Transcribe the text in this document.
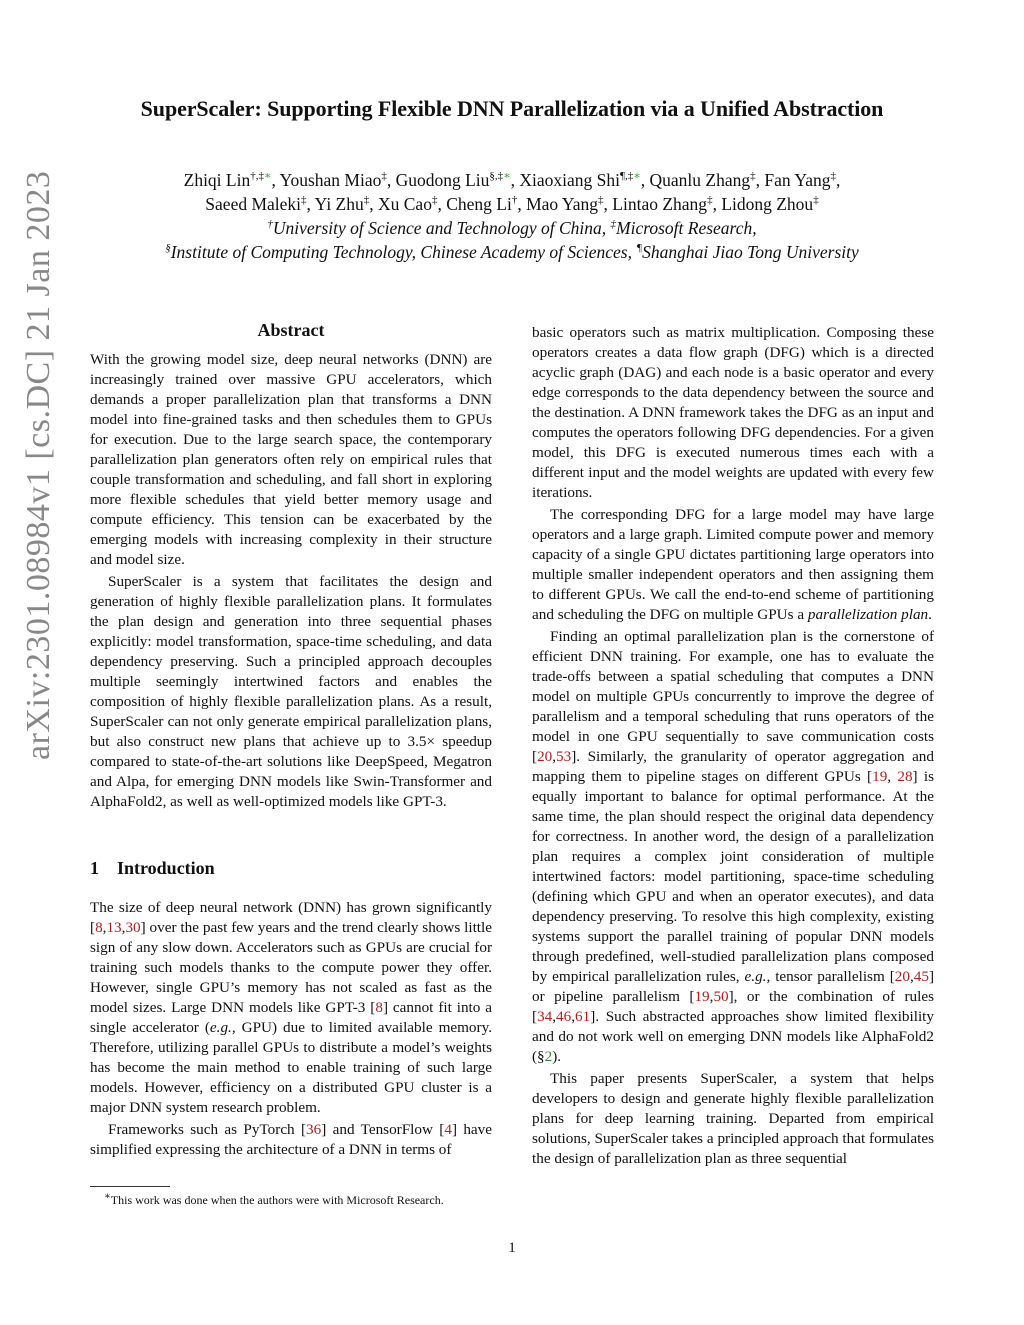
SuperScaler: Supporting Flexible DNN Parallelization via a Unified Abstraction
Zhiqi Lin†,‡∗, Youshan Miao‡, Guodong Liu§,‡∗, Xiaoxiang Shi¶,‡∗, Quanlu Zhang‡, Fan Yang‡,
Saeed Maleki‡, Yi Zhu‡, Xu Cao‡, Cheng Li†, Mao Yang‡, Lintao Zhang‡, Lidong Zhou‡
†University of Science and Technology of China, ‡Microsoft Research,
§Institute of Computing Technology, Chinese Academy of Sciences, ¶Shanghai Jiao Tong University
arXiv:2301.08984v1 [cs.DC] 21 Jan 2023	Abstract

With the growing model size, deep neural networks (DNN) are increasingly trained over massive GPU accelerators, which demands a proper parallelization plan that transforms a DNN model into fine-grained tasks and then schedules them to GPUs for execution. Due to the large search space, the contemporary parallelization plan generators often rely on empirical rules that couple transformation and scheduling, and fall short in exploring more flexible schedules that yield better memory usage and compute efficiency. This tension can be exacerbated by the emerging models with increasing complexity in their structure and model size.

SuperScaler is a system that facilitates the design and generation of highly flexible parallelization plans. It formulates the plan design and generation into three sequential phases explicitly: model transformation, space-time scheduling, and data dependency preserving. Such a principled approach decouples multiple seemingly intertwined factors and enables the composition of highly flexible parallelization plans. As a result, SuperScaler can not only generate empirical parallelization plans, but also construct new plans that achieve up to 3.5× speedup compared to state-of-the-art solutions like DeepSpeed, Megatron and Alpa, for emerging DNN models like Swin-Transformer and AlphaFold2, as well as well-optimized models like GPT-3.

1 Introduction

The size of deep neural network (DNN) has grown significantly [8,13,30] over the past few years and the trend clearly shows little sign of any slow down. Accelerators such as GPUs are crucial for training such models thanks to the compute power they offer. However, single GPU’s memory has not scaled as fast as the model sizes. Large DNN models like GPT-3 [8] cannot fit into a single accelerator (e.g., GPU) due to limited available memory. Therefore, utilizing parallel GPUs to distribute a model’s weights has become the main method to enable training of such large models. However, efficiency on a distributed GPU cluster is a major DNN system research problem.

Frameworks such as PyTorch [36] and TensorFlow [4] have simplified expressing the architecture of a DNN in terms of

∗This work was done when the authors were with Microsoft Research.

basic operators such as matrix multiplication. Composing these operators creates a data flow graph (DFG) which is a directed acyclic graph (DAG) and each node is a basic operator and every edge corresponds to the data dependency between the source and the destination. A DNN framework takes the DFG as an input and computes the operators following DFG dependencies. For a given model, this DFG is executed numerous times each with a different input and the model weights are updated with every few iterations.

The corresponding DFG for a large model may have large operators and a large graph. Limited compute power and memory capacity of a single GPU dictates partitioning large operators into multiple smaller independent operators and then assigning them to different GPUs. We call the end-to-end scheme of partitioning and scheduling the DFG on multiple GPUs a parallelization plan.

Finding an optimal parallelization plan is the cornerstone of efficient DNN training. For example, one has to evaluate the trade-offs between a spatial scheduling that computes a DNN model on multiple GPUs concurrently to improve the degree of parallelism and a temporal scheduling that runs operators of the model in one GPU sequentially to save communication costs [20,53]. Similarly, the granularity of operator aggregation and mapping them to pipeline stages on different GPUs [19, 28] is equally important to balance for optimal performance. At the same time, the plan should respect the original data dependency for correctness. In another word, the design of a parallelization plan requires a complex joint consideration of multiple intertwined factors: model partitioning, space-time scheduling (defining which GPU and when an operator executes), and data dependency preserving. To resolve this high complexity, existing systems support the parallel training of popular DNN models through predefined, well-studied parallelization plans composed by empirical parallelization rules, e.g., tensor parallelism [20,45] or pipeline parallelism [19,50], or the combination of rules [34,46,61]. Such abstracted approaches show limited flexibility and do not work well on emerging DNN models like AlphaFold2 (§2).

This paper presents SuperScaler, a system that helps developers to design and generate highly flexible parallelization plans for deep learning training. Departed from empirical solutions, SuperScaler takes a principled approach that formulates the design of parallelization plan as three sequential

1
